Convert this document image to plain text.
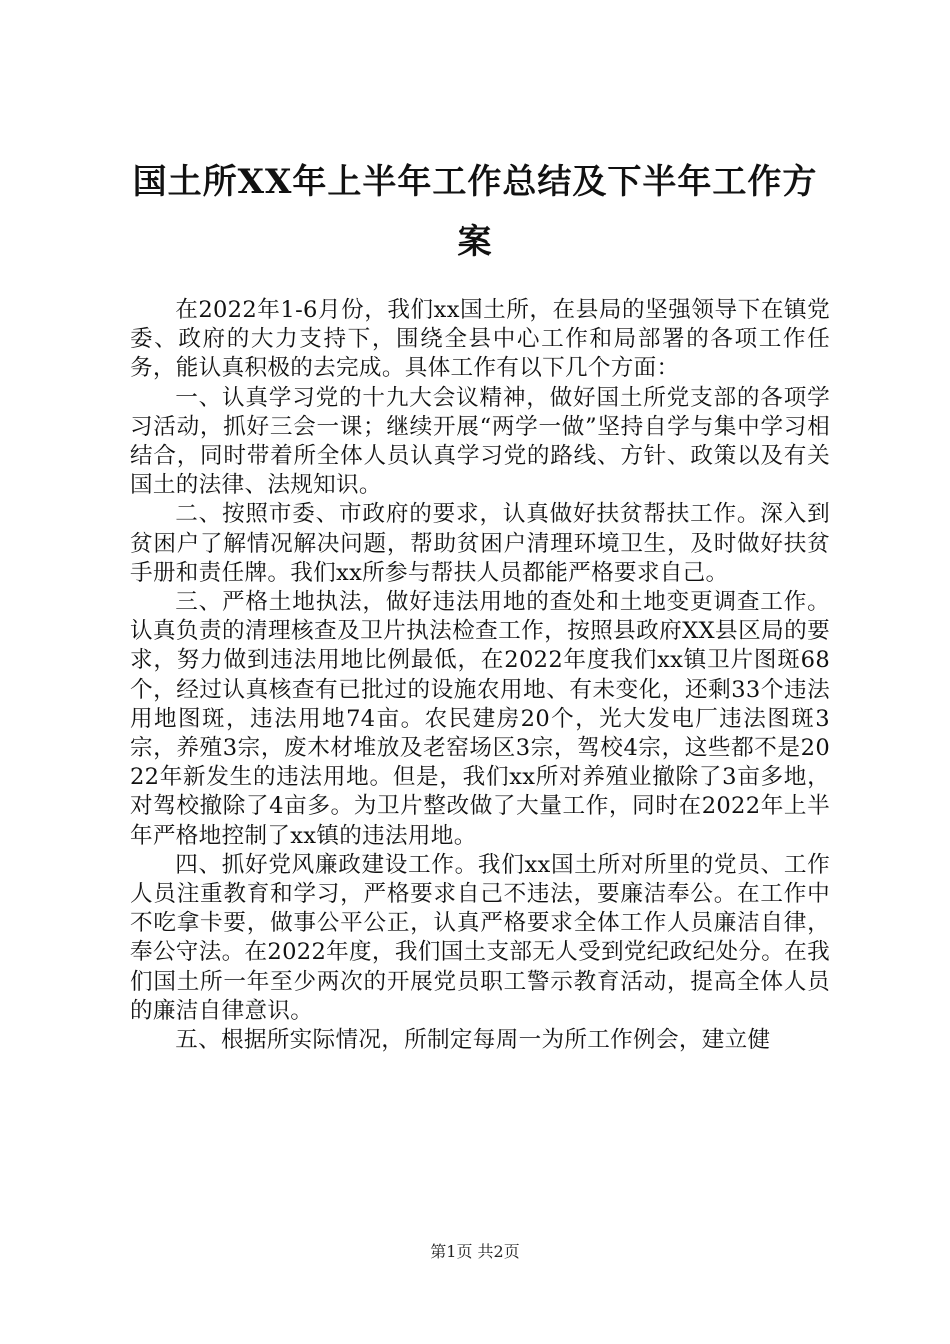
国土所XX年上半年工作总结及下半年工作方
案

在2022年1-6月份，我们xx国土所，在县局的坚强领导下在镇党委、政府的大力支持下，围绕全县中心工作和局部署的各项工作任务，能认真积极的去完成。具体工作有以下几个方面：

一、认真学习党的十九大会议精神，做好国土所党支部的各项学习活动，抓好三会一课；继续开展“两学一做”坚持自学与集中学习相结合，同时带着所全体人员认真学习党的路线、方针、政策以及有关国土的法律、法规知识。

二、按照市委、市政府的要求，认真做好扶贫帮扶工作。深入到贫困户了解情况解决问题，帮助贫困户清理环境卫生，及时做好扶贫手册和责任牌。我们xx所参与帮扶人员都能严格要求自己。

三、严格土地执法，做好违法用地的查处和土地变更调查工作。认真负责的清理核查及卫片执法检查工作，按照县政府XX县区局的要求，努力做到违法用地比例最低，在2022年度我们xx镇卫片图斑68个，经过认真核查有已批过的设施农用地、有未变化，还剩33个违法用地图斑，违法用地74亩。农民建房20个，光大发电厂违法图斑3宗，养殖3宗，废木材堆放及老窑场区3宗，驾校4宗，这些都不是2022年新发生的违法用地。但是，我们xx所对养殖业撤除了3亩多地，对驾校撤除了4亩多。为卫片整改做了大量工作，同时在2022年上半年严格地控制了xx镇的违法用地。

四、抓好党风廉政建设工作。我们xx国土所对所里的党员、工作人员注重教育和学习，严格要求自己不违法，要廉洁奉公。在工作中不吃拿卡要，做事公平公正，认真严格要求全体工作人员廉洁自律，奉公守法。在2022年度，我们国土支部无人受到党纪政纪处分。在我们国土所一年至少两次的开展党员职工警示教育活动，提高全体人员的廉洁自律意识。

五、根据所实际情况，所制定每周一为所工作例会，建立健

第1页 共2页
